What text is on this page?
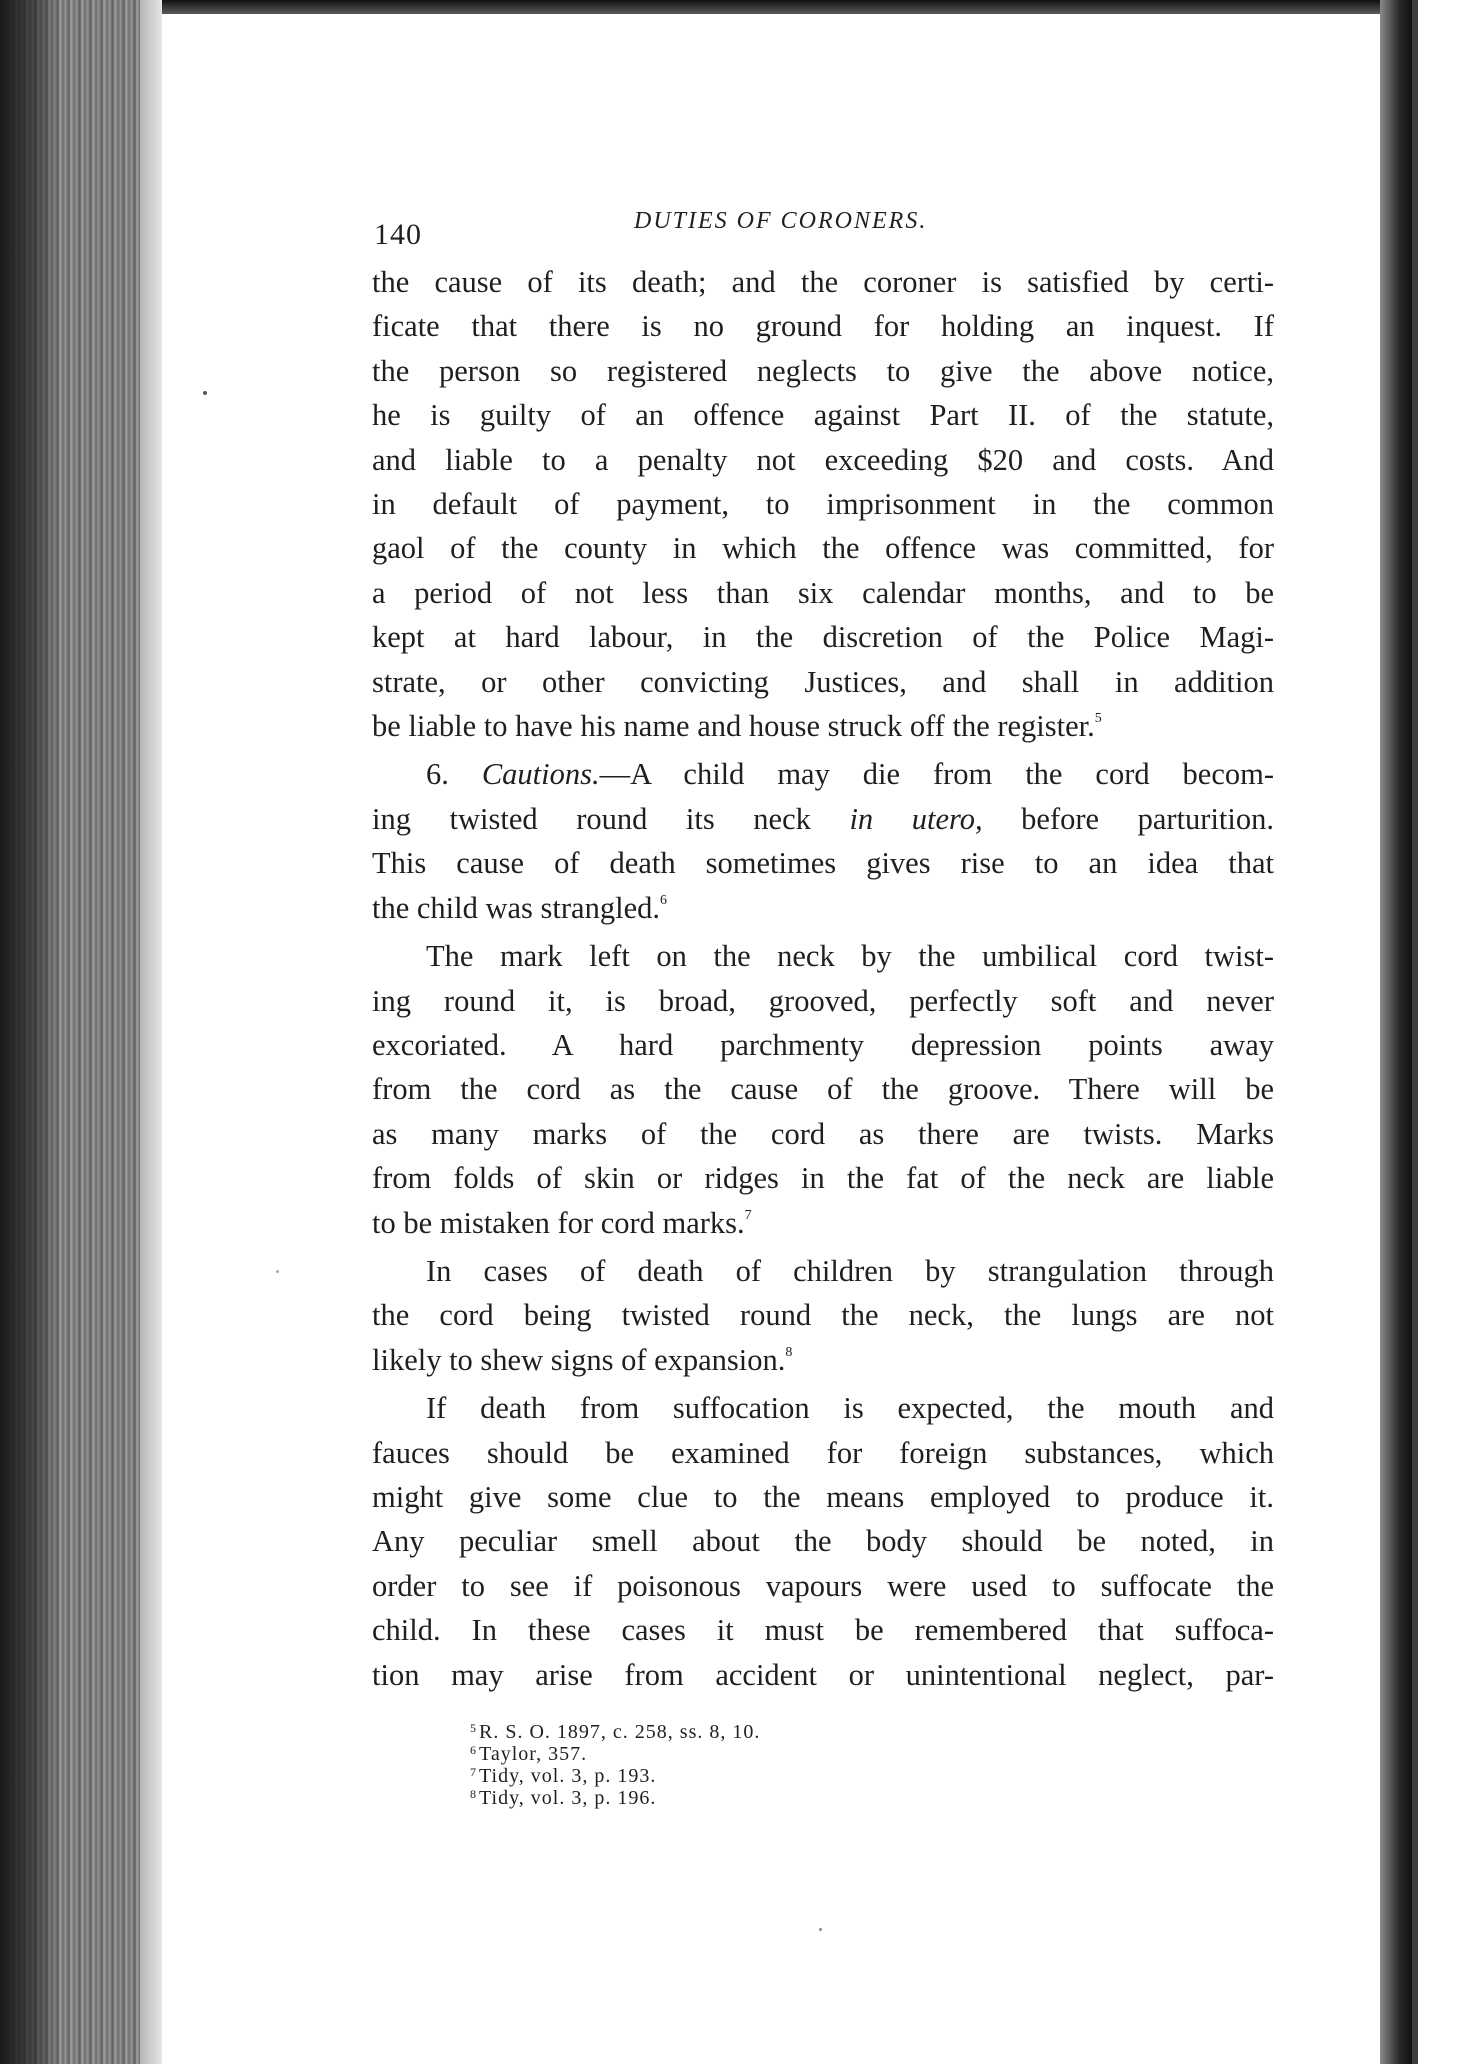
140	DUTIES OF CORONERS.

the cause of its death; and the coroner is satisfied by certi-
ficate that there is no ground for holding an inquest. If
the person so registered neglects to give the above notice,
he is guilty of an offence against Part II. of the statute,
and liable to a penalty not exceeding $20 and costs. And
in default of payment, to imprisonment in the common
gaol of the county in which the offence was committed, for
a period of not less than six calendar months, and to be
kept at hard labour, in the discretion of the Police Magi-
strate, or other convicting Justices, and shall in addition
be liable to have his name and house struck off the register.$^5$

6. Cautions.—A child may die from the cord becom-
ing twisted round its neck in utero, before parturition.
This cause of death sometimes gives rise to an idea that
the child was strangled.$^6$

The mark left on the neck by the umbilical cord twist-
ing round it, is broad, grooved, perfectly soft and never
excoriated. A hard parchmenty depression points away
from the cord as the cause of the groove. There will be
as many marks of the cord as there are twists. Marks
from folds of skin or ridges in the fat of the neck are liable
to be mistaken for cord marks.$^7$

In cases of death of children by strangulation through
the cord being twisted round the neck, the lungs are not
likely to shew signs of expansion.$^8$

If death from suffocation is expected, the mouth and
fauces should be examined for foreign substances, which
might give some clue to the means employed to produce it.
Any peculiar smell about the body should be noted, in
order to see if poisonous vapours were used to suffocate the
child. In these cases it must be remembered that suffoca-
tion may arise from accident or unintentional neglect, par-

$^5$ R. S. O. 1897, c. 258, ss. 8, 10.
$^6$ Taylor, 357.
$^7$ Tidy, vol. 3, p. 193.
$^8$ Tidy, vol. 3, p. 196.
